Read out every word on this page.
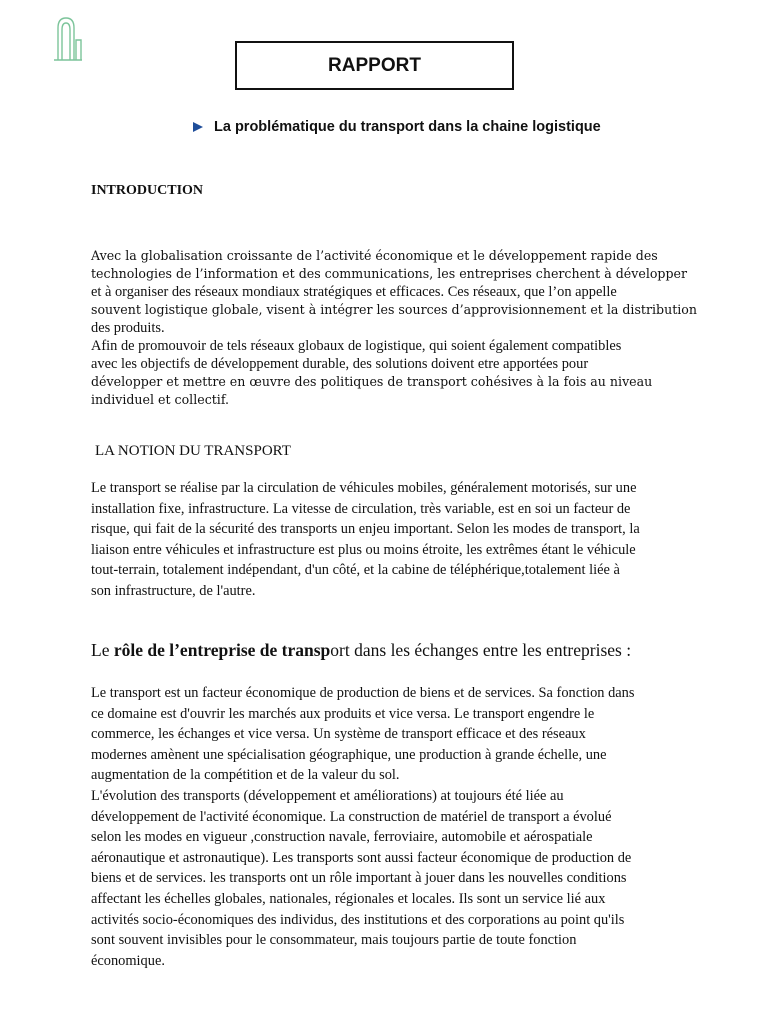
RAPPORT
La problématique du transport dans la chaine logistique
INTRODUCTION
Avec la globalisation croissante de l’activité économique et le développement rapide des
technologies de l’information et des communications, les entreprises cherchent à développer
et à organiser des réseaux mondiaux stratégiques et efficaces. Ces réseaux, que l’on appelle
souvent logistique globale, visent à intégrer les sources d’approvisionnement et la distribution
des produits.
Afin de promouvoir de tels réseaux globaux de logistique, qui soient également compatibles
avec les objectifs de développement durable, des solutions doivent etre apportées pour
développer et mettre en œuvre des politiques de transport cohésives à la fois au niveau
individuel et collectif.
LA NOTION DU TRANSPORT
Le transport se réalise par la circulation de véhicules mobiles, généralement motorisés, sur une
installation fixe, infrastructure. La vitesse de circulation, très variable, est en soi un facteur de
risque, qui fait de la sécurité des transports un enjeu important. Selon les modes de transport, la
liaison entre véhicules et infrastructure est plus ou moins étroite, les extrêmes étant le véhicule
tout-terrain, totalement indépendant, d'un côté, et la cabine de téléphérique,totalement liée à
son infrastructure, de l'autre.
Le rôle de l’entreprise de transport dans les échanges entre les entreprises :
Le transport est un facteur économique de production de biens et de services. Sa fonction dans
ce domaine est d'ouvrir les marchés aux produits et vice versa. Le transport engendre le
commerce, les échanges et vice versa. Un système de transport efficace et des réseaux
modernes amènent une spécialisation géographique, une production à grande échelle, une
augmentation de la compétition et de la valeur du sol.
L'évolution des transports (développement et améliorations) at toujours été liée au
développement de l'activité économique. La construction de matériel de transport a évolué
selon les modes en vigueur ,construction navale, ferroviaire, automobile et aérospatiale
aéronautique et astronautique). Les transports sont aussi facteur économique de production de
biens et de services. les transports ont un rôle important à jouer dans les nouvelles conditions
affectant les échelles globales, nationales, régionales et locales. Ils sont un service lié aux
activités socio-économiques des individus, des institutions et des corporations au point qu'ils
sont souvent invisibles pour le consommateur, mais toujours partie de toute fonction
économique.
